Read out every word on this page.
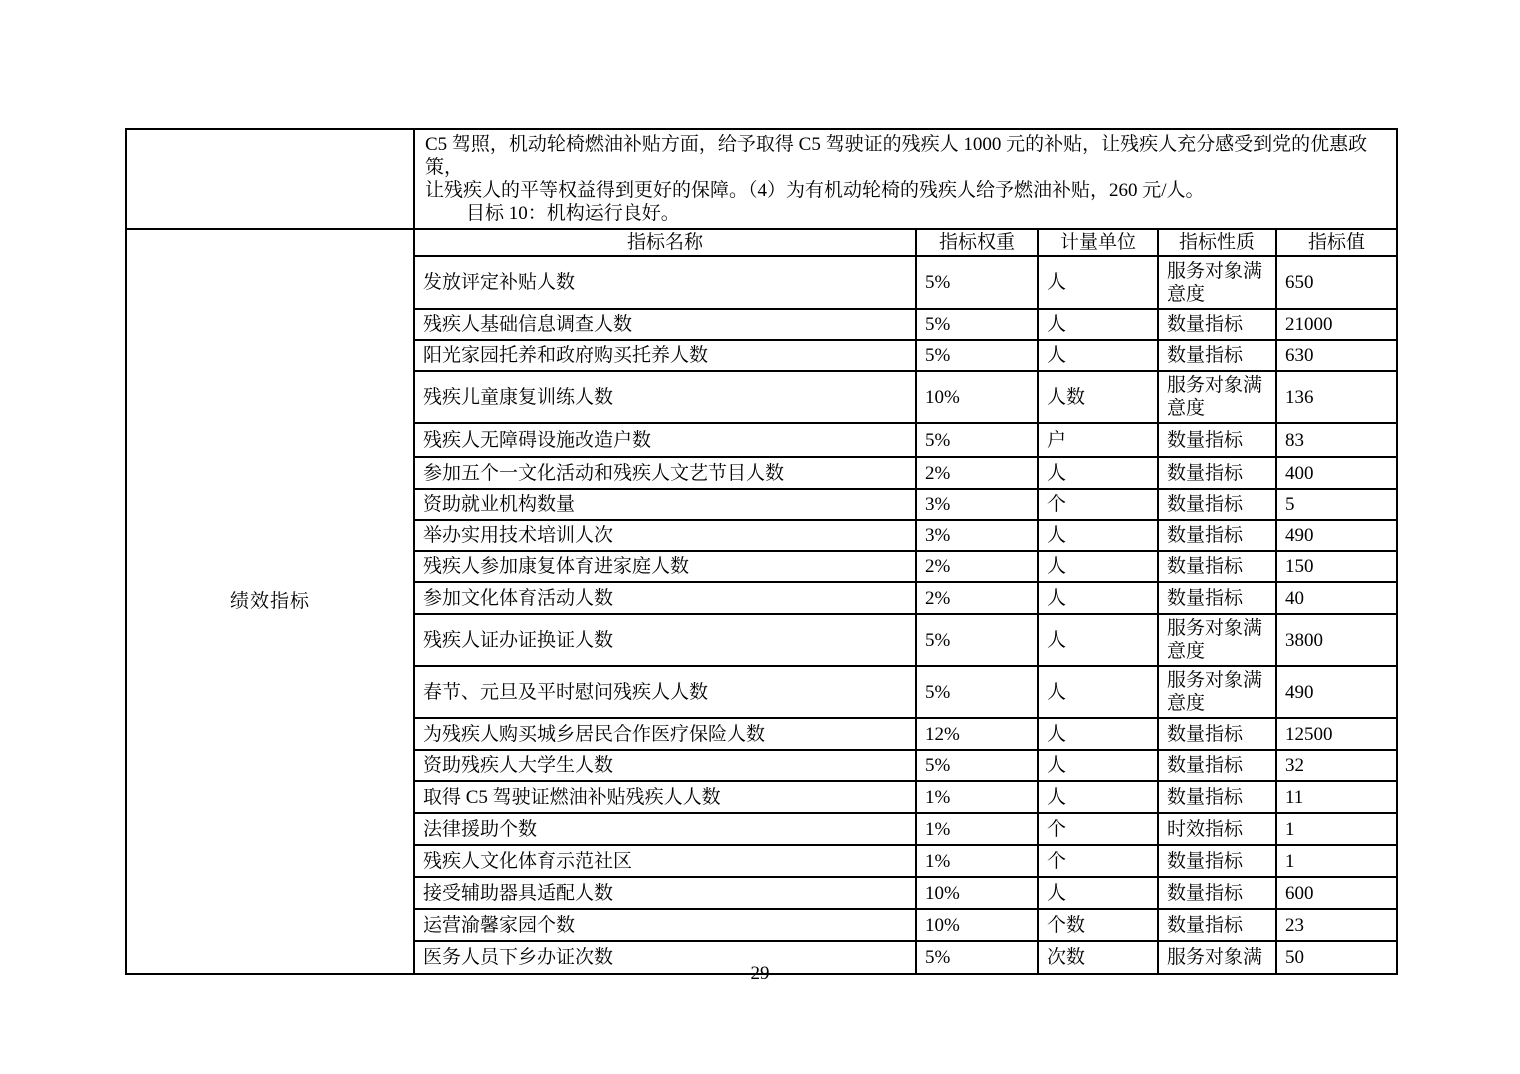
	C5 驾照，机动轮椅燃油补贴方面，给予取得 C5 驾驶证的残疾人 1000 元的补贴，让残疾人充分感受到党的优惠政策，
让残疾人的平等权益得到更好的保障。（4）为有机动轮椅的残疾人给予燃油补贴，260 元/人。
目标 10：机构运行良好。				

绩效指标	指标名称	指标权重	计量单位	指标性质	指标值
	发放评定补贴人数	5%	人	服务对象满意度	650
	残疾人基础信息调查人数	5%	人	数量指标	21000
	阳光家园托养和政府购买托养人数	5%	人	数量指标	630
	残疾儿童康复训练人数	10%	人数	服务对象满意度	136
	残疾人无障碍设施改造户数	5%	户	数量指标	83
	参加五个一文化活动和残疾人文艺节目人数	2%	人	数量指标	400
	资助就业机构数量	3%	个	数量指标	5
	举办实用技术培训人次	3%	人	数量指标	490
	残疾人参加康复体育进家庭人数	2%	人	数量指标	150
	参加文化体育活动人数	2%	人	数量指标	40
	残疾人证办证换证人数	5%	人	服务对象满意度	3800
	春节、元旦及平时慰问残疾人人数	5%	人	服务对象满意度	490
	为残疾人购买城乡居民合作医疗保险人数	12%	人	数量指标	12500
	资助残疾人大学生人数	5%	人	数量指标	32
	取得 C5 驾驶证燃油补贴残疾人人数	1%	人	数量指标	11
	法律援助个数	1%	个	时效指标	1
	残疾人文化体育示范社区	1%	个	数量指标	1
	接受辅助器具适配人数	10%	人	数量指标	600
	运营渝馨家园个数	10%	个数	数量指标	23
	医务人员下乡办证次数	5%	次数	服务对象满	50
29
